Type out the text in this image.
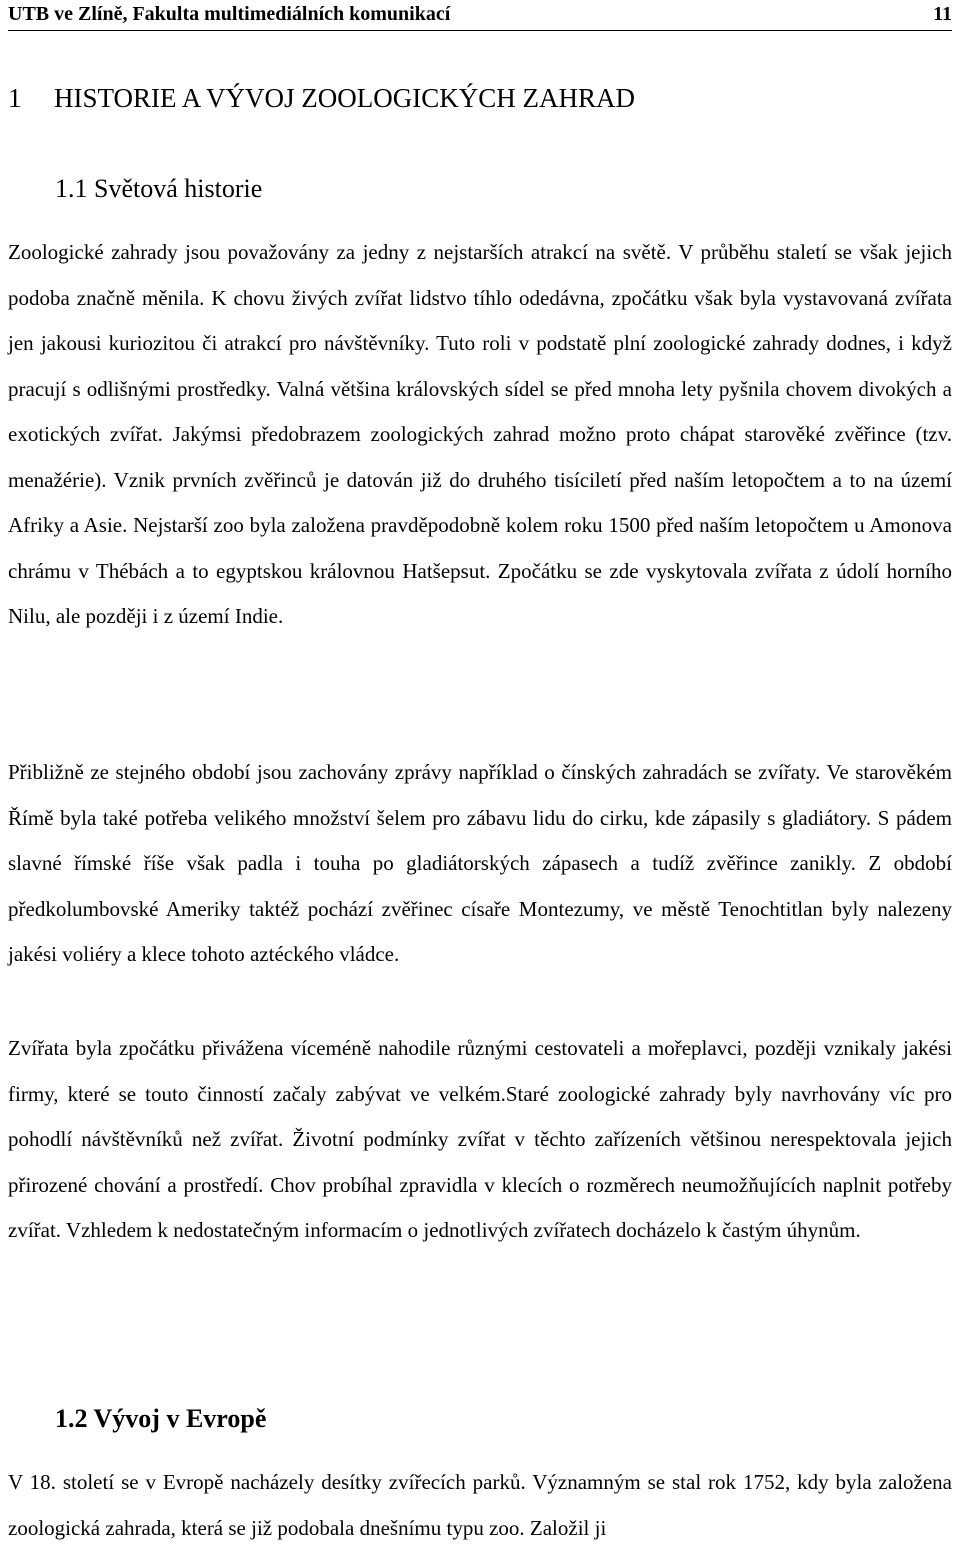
UTB ve Zlíně, Fakulta multimediálních komunikací	11
1	HISTORIE A VÝVOJ ZOOLOGICKÝCH ZAHRAD
1.1 Světová historie

Zoologické zahrady jsou považovány za jedny z nejstarších atrakcí na světě. V průběhu staletí se však jejich podoba značně měnila. K chovu živých zvířat lidstvo tíhlo odedávna, zpočátku však byla vystavovaná zvířata jen jakousi kuriozitou či atrakcí pro návštěvníky. Tuto roli v podstatě plní zoologické zahrady dodnes, i když pracují s odlišnými prostředky. Valná většina královských sídel se před mnoha lety pyšnila chovem divokých a exotických zvířat. Jakýmsi předobrazem zoologických zahrad možno proto chápat starověké zvěřince (tzv. menažérie). Vznik prvních zvěřinců je datován již do druhého tisíciletí před naším letopočtem a to na území Afriky a Asie. Nejstarší zoo byla založena pravděpodobně kolem roku 1500 před naším letopočtem u Amonova chrámu v Thébách a to egyptskou královnou Hatšepsut. Zpočátku se zde vyskytovala zvířata z údolí horního Nilu, ale později i z území Indie.

Přibližně ze stejného období jsou zachovány zprávy například o čínských zahradách se zvířaty. Ve starověkém Římě byla také potřeba velikého množství šelem pro zábavu lidu do cirku, kde zápasily s gladiátory. S pádem slavné římské říše však padla i touha po gladiátorských zápasech a tudíž zvěřince zanikly. Z období předkolumbovské Ameriky taktéž pochází zvěřinec císaře Montezumy, ve městě Tenochtitlan byly nalezeny jakési voliéry a klece tohoto aztéckého vládce.

Zvířata byla zpočátku přivážena víceméně nahodile různými cestovateli a mořeplavci, později vznikaly jakési firmy, které se touto činností začaly zabývat ve velkém.Staré zoologické zahrady byly navrhovány víc pro pohodlí návštěvníků než zvířat. Životní podmínky zvířat v těchto zařízeních většinou nerespektovala jejich přirozené chování a prostředí. Chov probíhal zpravidla v klecích o rozměrech neumožňujících naplnit potřeby zvířat. Vzhledem k nedostatečným informacím o jednotlivých zvířatech docházelo k častým úhynům.

1.2 Vývoj v Evropě

V 18. století se v Evropě nacházely desítky zvířecích parků. Významným se stal rok 1752, kdy byla založena zoologická zahrada, která se již podobala dnešnímu typu zoo. Založil ji
